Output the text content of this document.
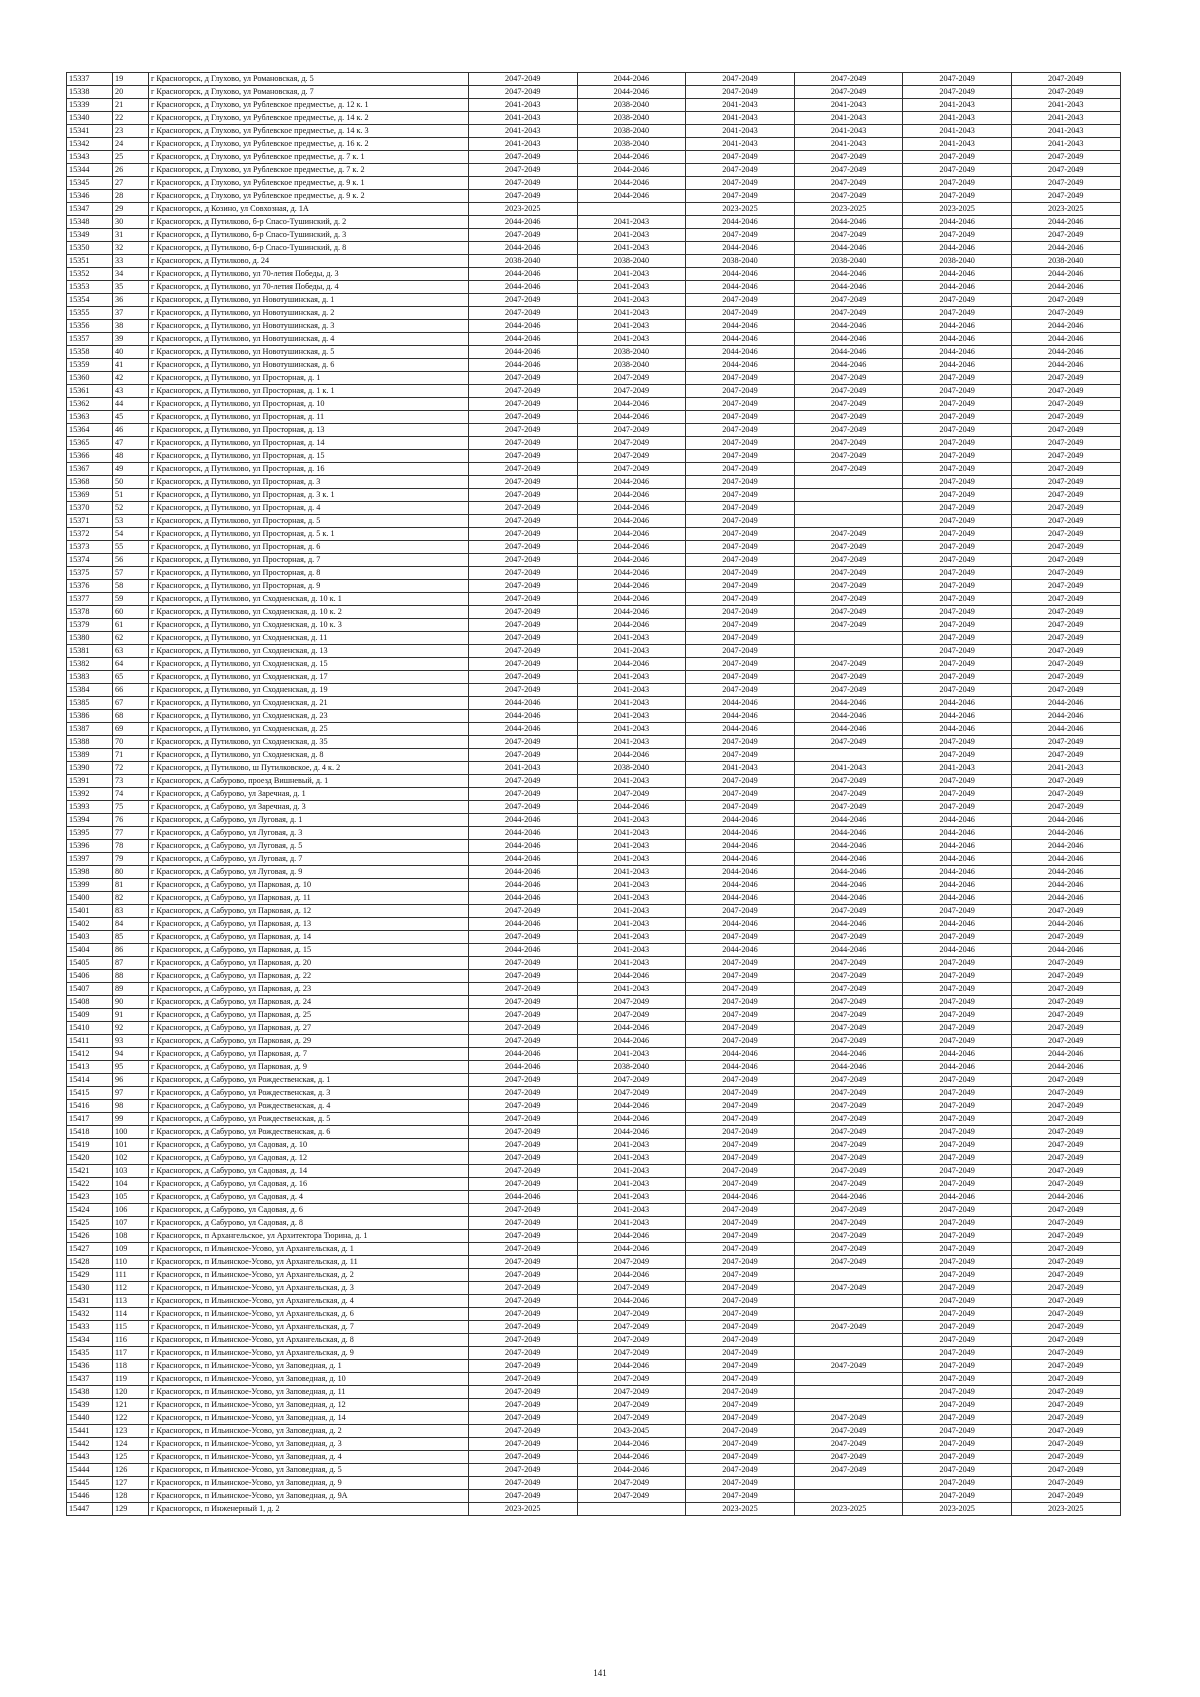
15337	19	г Красногорск, д Глухово, ул Романовская, д. 5	2047-2049	2044-2046	2047-2049	2047-2049	2047-2049	2047-2049
15338	20	г Красногорск, д Глухово, ул Романовская, д. 7	2047-2049	2044-2046	2047-2049	2047-2049	2047-2049	2047-2049
15339	21	г Красногорск, д Глухово, ул Рублевское предместье, д. 12 к. 1	2041-2043	2038-2040	2041-2043	2041-2043	2041-2043	2041-2043
15340	22	г Красногорск, д Глухово, ул Рублевское предместье, д. 14 к. 2	2041-2043	2038-2040	2041-2043	2041-2043	2041-2043	2041-2043
15341	23	г Красногорск, д Глухово, ул Рублевское предместье, д. 14 к. 3	2041-2043	2038-2040	2041-2043	2041-2043	2041-2043	2041-2043
15342	24	г Красногорск, д Глухово, ул Рублевское предместье, д. 16 к. 2	2041-2043	2038-2040	2041-2043	2041-2043	2041-2043	2041-2043
15343	25	г Красногорск, д Глухово, ул Рублевское предместье, д. 7 к. 1	2047-2049	2044-2046	2047-2049	2047-2049	2047-2049	2047-2049
15344	26	г Красногорск, д Глухово, ул Рублевское предместье, д. 7 к. 2	2047-2049	2044-2046	2047-2049	2047-2049	2047-2049	2047-2049
15345	27	г Красногорск, д Глухово, ул Рублевское предместье, д. 9 к. 1	2047-2049	2044-2046	2047-2049	2047-2049	2047-2049	2047-2049
15346	28	г Красногорск, д Глухово, ул Рублевское предместье, д. 9 к. 2	2047-2049	2044-2046	2047-2049	2047-2049	2047-2049	2047-2049
15347	29	г Красногорск, д Козино, ул Совхозная, д. 1А	2023-2025		2023-2025	2023-2025	2023-2025	2023-2025
15348	30	г Красногорск, д Путилково, б-р Спасо-Тушинский, д. 2	2044-2046	2041-2043	2044-2046	2044-2046	2044-2046	2044-2046
15349	31	г Красногорск, д Путилково, б-р Спасо-Тушинский, д. 3	2047-2049	2041-2043	2047-2049	2047-2049	2047-2049	2047-2049
15350	32	г Красногорск, д Путилково, б-р Спасо-Тушинский, д. 8	2044-2046	2041-2043	2044-2046	2044-2046	2044-2046	2044-2046
15351	33	г Красногорск, д Путилково, д. 24	2038-2040	2038-2040	2038-2040	2038-2040	2038-2040	2038-2040
15352	34	г Красногорск, д Путилково, ул 70-летия Победы, д. 3	2044-2046	2041-2043	2044-2046	2044-2046	2044-2046	2044-2046
15353	35	г Красногорск, д Путилково, ул 70-летия Победы, д. 4	2044-2046	2041-2043	2044-2046	2044-2046	2044-2046	2044-2046
15354	36	г Красногорск, д Путилково, ул Новотушинская, д. 1	2047-2049	2041-2043	2047-2049	2047-2049	2047-2049	2047-2049
15355	37	г Красногорск, д Путилково, ул Новотушинская, д. 2	2047-2049	2041-2043	2047-2049	2047-2049	2047-2049	2047-2049
15356	38	г Красногорск, д Путилково, ул Новотушинская, д. 3	2044-2046	2041-2043	2044-2046	2044-2046	2044-2046	2044-2046
15357	39	г Красногорск, д Путилково, ул Новотушинская, д. 4	2044-2046	2041-2043	2044-2046	2044-2046	2044-2046	2044-2046
15358	40	г Красногорск, д Путилково, ул Новотушинская, д. 5	2044-2046	2038-2040	2044-2046	2044-2046	2044-2046	2044-2046
15359	41	г Красногорск, д Путилково, ул Новотушинская, д. 6	2044-2046	2038-2040	2044-2046	2044-2046	2044-2046	2044-2046
15360	42	г Красногорск, д Путилково, ул Просторная, д. 1	2047-2049	2047-2049	2047-2049	2047-2049	2047-2049	2047-2049
15361	43	г Красногорск, д Путилково, ул Просторная, д. 1 к. 1	2047-2049	2047-2049	2047-2049	2047-2049	2047-2049	2047-2049
15362	44	г Красногорск, д Путилково, ул Просторная, д. 10	2047-2049	2044-2046	2047-2049	2047-2049	2047-2049	2047-2049
15363	45	г Красногорск, д Путилково, ул Просторная, д. 11	2047-2049	2044-2046	2047-2049	2047-2049	2047-2049	2047-2049
15364	46	г Красногорск, д Путилково, ул Просторная, д. 13	2047-2049	2047-2049	2047-2049	2047-2049	2047-2049	2047-2049
15365	47	г Красногорск, д Путилково, ул Просторная, д. 14	2047-2049	2047-2049	2047-2049	2047-2049	2047-2049	2047-2049
15366	48	г Красногорск, д Путилково, ул Просторная, д. 15	2047-2049	2047-2049	2047-2049	2047-2049	2047-2049	2047-2049
15367	49	г Красногорск, д Путилково, ул Просторная, д. 16	2047-2049	2047-2049	2047-2049	2047-2049	2047-2049	2047-2049
15368	50	г Красногорск, д Путилково, ул Просторная, д. 3	2047-2049	2044-2046	2047-2049		2047-2049	2047-2049
15369	51	г Красногорск, д Путилково, ул Просторная, д. 3 к. 1	2047-2049	2044-2046	2047-2049		2047-2049	2047-2049
15370	52	г Красногорск, д Путилково, ул Просторная, д. 4	2047-2049	2044-2046	2047-2049		2047-2049	2047-2049
15371	53	г Красногорск, д Путилково, ул Просторная, д. 5	2047-2049	2044-2046	2047-2049		2047-2049	2047-2049
15372	54	г Красногорск, д Путилково, ул Просторная, д. 5 к. 1	2047-2049	2044-2046	2047-2049	2047-2049	2047-2049	2047-2049
15373	55	г Красногорск, д Путилково, ул Просторная, д. 6	2047-2049	2044-2046	2047-2049	2047-2049	2047-2049	2047-2049
15374	56	г Красногорск, д Путилково, ул Просторная, д. 7	2047-2049	2044-2046	2047-2049	2047-2049	2047-2049	2047-2049
15375	57	г Красногорск, д Путилково, ул Просторная, д. 8	2047-2049	2044-2046	2047-2049	2047-2049	2047-2049	2047-2049
15376	58	г Красногорск, д Путилково, ул Просторная, д. 9	2047-2049	2044-2046	2047-2049	2047-2049	2047-2049	2047-2049
15377	59	г Красногорск, д Путилково, ул Сходненская, д. 10 к. 1	2047-2049	2044-2046	2047-2049	2047-2049	2047-2049	2047-2049
15378	60	г Красногорск, д Путилково, ул Сходненская, д. 10 к. 2	2047-2049	2044-2046	2047-2049	2047-2049	2047-2049	2047-2049
15379	61	г Красногорск, д Путилково, ул Сходненская, д. 10 к. 3	2047-2049	2044-2046	2047-2049	2047-2049	2047-2049	2047-2049
15380	62	г Красногорск, д Путилково, ул Сходненская, д. 11	2047-2049	2041-2043	2047-2049		2047-2049	2047-2049
15381	63	г Красногорск, д Путилково, ул Сходненская, д. 13	2047-2049	2041-2043	2047-2049		2047-2049	2047-2049
15382	64	г Красногорск, д Путилково, ул Сходненская, д. 15	2047-2049	2044-2046	2047-2049	2047-2049	2047-2049	2047-2049
15383	65	г Красногорск, д Путилково, ул Сходненская, д. 17	2047-2049	2041-2043	2047-2049	2047-2049	2047-2049	2047-2049
15384	66	г Красногорск, д Путилково, ул Сходненская, д. 19	2047-2049	2041-2043	2047-2049	2047-2049	2047-2049	2047-2049
15385	67	г Красногорск, д Путилково, ул Сходненская, д. 21	2044-2046	2041-2043	2044-2046	2044-2046	2044-2046	2044-2046
15386	68	г Красногорск, д Путилково, ул Сходненская, д. 23	2044-2046	2041-2043	2044-2046	2044-2046	2044-2046	2044-2046
15387	69	г Красногорск, д Путилково, ул Сходненская, д. 25	2044-2046	2041-2043	2044-2046	2044-2046	2044-2046	2044-2046
15388	70	г Красногорск, д Путилково, ул Сходненская, д. 35	2047-2049	2041-2043	2047-2049	2047-2049	2047-2049	2047-2049
15389	71	г Красногорск, д Путилково, ул Сходненская, д. 8	2047-2049	2044-2046	2047-2049		2047-2049	2047-2049
15390	72	г Красногорск, д Путилково, ш Путилковское, д. 4 к. 2	2041-2043	2038-2040	2041-2043	2041-2043	2041-2043	2041-2043
15391	73	г Красногорск, д Сабурово, проезд Вишневый, д. 1	2047-2049	2041-2043	2047-2049	2047-2049	2047-2049	2047-2049
15392	74	г Красногорск, д Сабурово, ул Заречная, д. 1	2047-2049	2047-2049	2047-2049	2047-2049	2047-2049	2047-2049
15393	75	г Красногорск, д Сабурово, ул Заречная, д. 3	2047-2049	2044-2046	2047-2049	2047-2049	2047-2049	2047-2049
15394	76	г Красногорск, д Сабурово, ул Луговая, д. 1	2044-2046	2041-2043	2044-2046	2044-2046	2044-2046	2044-2046
15395	77	г Красногорск, д Сабурово, ул Луговая, д. 3	2044-2046	2041-2043	2044-2046	2044-2046	2044-2046	2044-2046
15396	78	г Красногорск, д Сабурово, ул Луговая, д. 5	2044-2046	2041-2043	2044-2046	2044-2046	2044-2046	2044-2046
15397	79	г Красногорск, д Сабурово, ул Луговая, д. 7	2044-2046	2041-2043	2044-2046	2044-2046	2044-2046	2044-2046
15398	80	г Красногорск, д Сабурово, ул Луговая, д. 9	2044-2046	2041-2043	2044-2046	2044-2046	2044-2046	2044-2046
15399	81	г Красногорск, д Сабурово, ул Парковая, д. 10	2044-2046	2041-2043	2044-2046	2044-2046	2044-2046	2044-2046
15400	82	г Красногорск, д Сабурово, ул Парковая, д. 11	2044-2046	2041-2043	2044-2046	2044-2046	2044-2046	2044-2046
15401	83	г Красногорск, д Сабурово, ул Парковая, д. 12	2047-2049	2041-2043	2047-2049	2047-2049	2047-2049	2047-2049
15402	84	г Красногорск, д Сабурово, ул Парковая, д. 13	2044-2046	2041-2043	2044-2046	2044-2046	2044-2046	2044-2046
15403	85	г Красногорск, д Сабурово, ул Парковая, д. 14	2047-2049	2041-2043	2047-2049	2047-2049	2047-2049	2047-2049
15404	86	г Красногорск, д Сабурово, ул Парковая, д. 15	2044-2046	2041-2043	2044-2046	2044-2046	2044-2046	2044-2046
15405	87	г Красногорск, д Сабурово, ул Парковая, д. 20	2047-2049	2041-2043	2047-2049	2047-2049	2047-2049	2047-2049
15406	88	г Красногорск, д Сабурово, ул Парковая, д. 22	2047-2049	2044-2046	2047-2049	2047-2049	2047-2049	2047-2049
15407	89	г Красногорск, д Сабурово, ул Парковая, д. 23	2047-2049	2041-2043	2047-2049	2047-2049	2047-2049	2047-2049
15408	90	г Красногорск, д Сабурово, ул Парковая, д. 24	2047-2049	2047-2049	2047-2049	2047-2049	2047-2049	2047-2049
15409	91	г Красногорск, д Сабурово, ул Парковая, д. 25	2047-2049	2047-2049	2047-2049	2047-2049	2047-2049	2047-2049
15410	92	г Красногорск, д Сабурово, ул Парковая, д. 27	2047-2049	2044-2046	2047-2049	2047-2049	2047-2049	2047-2049
15411	93	г Красногорск, д Сабурово, ул Парковая, д. 29	2047-2049	2044-2046	2047-2049	2047-2049	2047-2049	2047-2049
15412	94	г Красногорск, д Сабурово, ул Парковая, д. 7	2044-2046	2041-2043	2044-2046	2044-2046	2044-2046	2044-2046
15413	95	г Красногорск, д Сабурово, ул Парковая, д. 9	2044-2046	2038-2040	2044-2046	2044-2046	2044-2046	2044-2046
15414	96	г Красногорск, д Сабурово, ул Рождественская, д. 1	2047-2049	2047-2049	2047-2049	2047-2049	2047-2049	2047-2049
15415	97	г Красногорск, д Сабурово, ул Рождественская, д. 3	2047-2049	2047-2049	2047-2049	2047-2049	2047-2049	2047-2049
15416	98	г Красногорск, д Сабурово, ул Рождественская, д. 4	2047-2049	2044-2046	2047-2049	2047-2049	2047-2049	2047-2049
15417	99	г Красногорск, д Сабурово, ул Рождественская, д. 5	2047-2049	2044-2046	2047-2049	2047-2049	2047-2049	2047-2049
15418	100	г Красногорск, д Сабурово, ул Рождественская, д. 6	2047-2049	2044-2046	2047-2049	2047-2049	2047-2049	2047-2049
15419	101	г Красногорск, д Сабурово, ул Садовая, д. 10	2047-2049	2041-2043	2047-2049	2047-2049	2047-2049	2047-2049
15420	102	г Красногорск, д Сабурово, ул Садовая, д. 12	2047-2049	2041-2043	2047-2049	2047-2049	2047-2049	2047-2049
15421	103	г Красногорск, д Сабурово, ул Садовая, д. 14	2047-2049	2041-2043	2047-2049	2047-2049	2047-2049	2047-2049
15422	104	г Красногорск, д Сабурово, ул Садовая, д. 16	2047-2049	2041-2043	2047-2049	2047-2049	2047-2049	2047-2049
15423	105	г Красногорск, д Сабурово, ул Садовая, д. 4	2044-2046	2041-2043	2044-2046	2044-2046	2044-2046	2044-2046
15424	106	г Красногорск, д Сабурово, ул Садовая, д. 6	2047-2049	2041-2043	2047-2049	2047-2049	2047-2049	2047-2049
15425	107	г Красногорск, д Сабурово, ул Садовая, д. 8	2047-2049	2041-2043	2047-2049	2047-2049	2047-2049	2047-2049
15426	108	г Красногорск, п Архангельское, ул Архитектора Тюрина, д. 1	2047-2049	2044-2046	2047-2049	2047-2049	2047-2049	2047-2049
15427	109	г Красногорск, п Ильинское-Усово, ул Архангельская, д. 1	2047-2049	2044-2046	2047-2049	2047-2049	2047-2049	2047-2049
15428	110	г Красногорск, п Ильинское-Усово, ул Архангельская, д. 11	2047-2049	2047-2049	2047-2049	2047-2049	2047-2049	2047-2049
15429	111	г Красногорск, п Ильинское-Усово, ул Архангельская, д. 2	2047-2049	2044-2046	2047-2049		2047-2049	2047-2049
15430	112	г Красногорск, п Ильинское-Усово, ул Архангельская, д. 3	2047-2049	2047-2049	2047-2049	2047-2049	2047-2049	2047-2049
15431	113	г Красногорск, п Ильинское-Усово, ул Архангельская, д. 4	2047-2049	2044-2046	2047-2049		2047-2049	2047-2049
15432	114	г Красногорск, п Ильинское-Усово, ул Архангельская, д. 6	2047-2049	2047-2049	2047-2049		2047-2049	2047-2049
15433	115	г Красногорск, п Ильинское-Усово, ул Архангельская, д. 7	2047-2049	2047-2049	2047-2049	2047-2049	2047-2049	2047-2049
15434	116	г Красногорск, п Ильинское-Усово, ул Архангельская, д. 8	2047-2049	2047-2049	2047-2049		2047-2049	2047-2049
15435	117	г Красногорск, п Ильинское-Усово, ул Архангельская, д. 9	2047-2049	2047-2049	2047-2049		2047-2049	2047-2049
15436	118	г Красногорск, п Ильинское-Усово, ул Заповедная, д. 1	2047-2049	2044-2046	2047-2049	2047-2049	2047-2049	2047-2049
15437	119	г Красногорск, п Ильинское-Усово, ул Заповедная, д. 10	2047-2049	2047-2049	2047-2049		2047-2049	2047-2049
15438	120	г Красногорск, п Ильинское-Усово, ул Заповедная, д. 11	2047-2049	2047-2049	2047-2049		2047-2049	2047-2049
15439	121	г Красногорск, п Ильинское-Усово, ул Заповедная, д. 12	2047-2049	2047-2049	2047-2049		2047-2049	2047-2049
15440	122	г Красногорск, п Ильинское-Усово, ул Заповедная, д. 14	2047-2049	2047-2049	2047-2049	2047-2049	2047-2049	2047-2049
15441	123	г Красногорск, п Ильинское-Усово, ул Заповедная, д. 2	2047-2049	2043-2045	2047-2049	2047-2049	2047-2049	2047-2049
15442	124	г Красногорск, п Ильинское-Усово, ул Заповедная, д. 3	2047-2049	2044-2046	2047-2049	2047-2049	2047-2049	2047-2049
15443	125	г Красногорск, п Ильинское-Усово, ул Заповедная, д. 4	2047-2049	2044-2046	2047-2049	2047-2049	2047-2049	2047-2049
15444	126	г Красногорск, п Ильинское-Усово, ул Заповедная, д. 5	2047-2049	2044-2046	2047-2049	2047-2049	2047-2049	2047-2049
15445	127	г Красногорск, п Ильинское-Усово, ул Заповедная, д. 9	2047-2049	2047-2049	2047-2049		2047-2049	2047-2049
15446	128	г Красногорск, п Ильинское-Усово, ул Заповедная, д. 9А	2047-2049	2047-2049	2047-2049		2047-2049	2047-2049
15447	129	г Красногорск, п Инженерный 1, д. 2	2023-2025		2023-2025	2023-2025	2023-2025	2023-2025
141
